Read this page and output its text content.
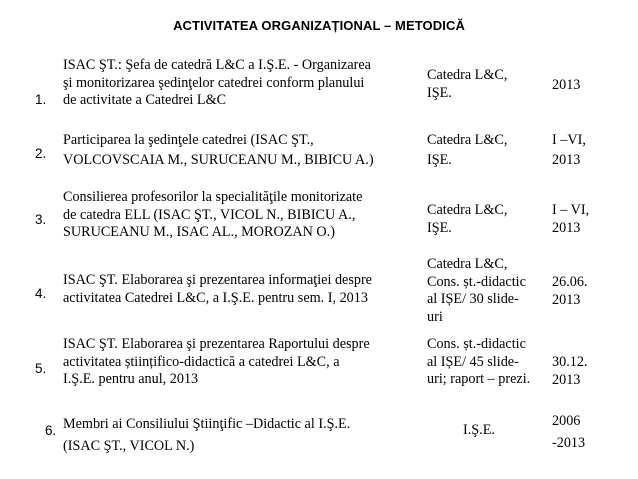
ACTIVITATEA ORGANIZAȚIONAL – METODICĂ
1.
ISAC ŞT.: Şefa de catedră L&C a I.Ş.E. - Organizarea
şi monitorizarea şedinţelor catedrei conform planului
de activitate a Catedrei L&C
Catedra L&C,
IŞE.	2013
2.
Participarea la şedinţele catedrei (ISAC ŞT.,
VOLCOVSCAIA M., SURUCEANU M., BIBICU A.)
Catedra L&C,
IŞE.
I –VI,
2013
3.
Consilierea profesorilor la specialităţile monitorizate
de catedra ELL (ISAC ŞT., VICOL N., BIBICU A.,
SURUCEANU M., ISAC AL., MOROZAN O.)
Catedra L&C,
IŞE.
I – VI,
2013
4.
ISAC ŞT. Elaborarea şi prezentarea informaţiei despre
activitatea Catedrei L&C, a I.Ş.E. pentru sem. I, 2013
Catedra L&C,
Cons. șt.-didactic
al IȘE/ 30 slide-
uri
26.06.
2013
5.
ISAC ŞT. Elaborarea şi prezentarea Raportului despre
activitatea științifico-didactică a catedrei L&C, a
I.Ş.E. pentru anul, 2013
Cons. șt.-didactic
al IȘE/ 45 slide-
uri; raport – prezi.
30.12.
2013
6. Membri ai Consiliului Ştiinţific –Didactic al I.Ş.E.
(ISAC ŞT., VICOL N.)
I.Ş.E.
2006
-2013
